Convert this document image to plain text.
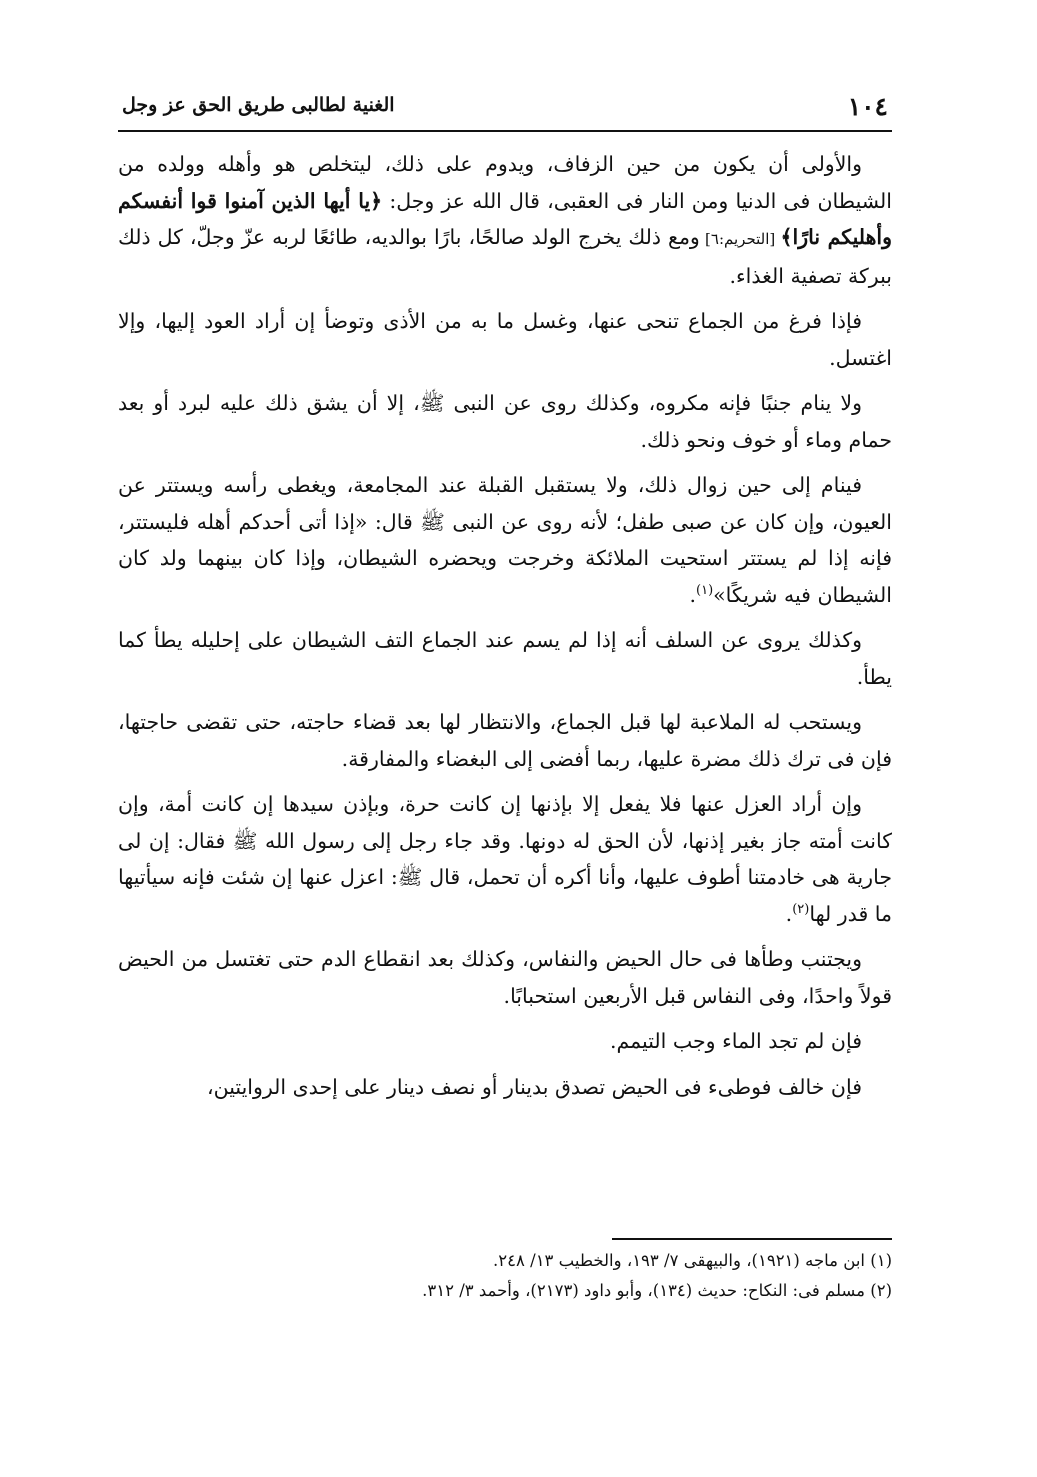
١٠٤
الغنية لطالبى طريق الحق عز وجل

والأولى أن يكون من حين الزفاف، ويدوم على ذلك، ليتخلص هو وأهله وولده من الشيطان فى الدنيا ومن النار فى العقبى، قال الله عز وجل: ﴿يا أيها الذين آمنوا قوا أنفسكم وأهليكم نارًا﴾ [التحريم:٦] ومع ذلك يخرج الولد صالحًا، بارًا بوالديه، طائعًا لربه عزّ وجلّ، كل ذلك ببركة تصفية الغذاء.

فإذا فرغ من الجماع تنحى عنها، وغسل ما به من الأذى وتوضأ إن أراد العود إليها، وإلا اغتسل.

ولا ينام جنبًا فإنه مكروه، وكذلك روى عن النبى ﷺ، إلا أن يشق ذلك عليه لبرد أو بعد حمام وماء أو خوف ونحو ذلك.

فينام إلى حين زوال ذلك، ولا يستقبل القبلة عند المجامعة، ويغطى رأسه ويستتر عن العيون، وإن كان عن صبى طفل؛ لأنه روى عن النبى ﷺ قال: «إذا أتى أحدكم أهله فليستتر، فإنه إذا لم يستتر استحيت الملائكة وخرجت ويحضره الشيطان، وإذا كان بينهما ولد كان الشيطان فيه شريكًا»$^{(١)}$.

وكذلك يروى عن السلف أنه إذا لم يسم عند الجماع التف الشيطان على إحليله يطأ كما يطأ.

ويستحب له الملاعبة لها قبل الجماع، والانتظار لها بعد قضاء حاجته، حتى تقضى حاجتها، فإن فى ترك ذلك مضرة عليها، ربما أفضى إلى البغضاء والمفارقة.

وإن أراد العزل عنها فلا يفعل إلا بإذنها إن كانت حرة، وبإذن سيدها إن كانت أمة، وإن كانت أمته جاز بغير إذنها، لأن الحق له دونها. وقد جاء رجل إلى رسول الله ﷺ فقال: إن لى جارية هى خادمتنا أطوف عليها، وأنا أكره أن تحمل، قال ﷺ: اعزل عنها إن شئت فإنه سيأتيها ما قدر لها$^{(٢)}$.

ويجتنب وطأها فى حال الحيض والنفاس، وكذلك بعد انقطاع الدم حتى تغتسل من الحيض قولاً واحدًا، وفى النفاس قبل الأربعين استحبابًا.

فإن لم تجد الماء وجب التيمم.

فإن خالف فوطىء فى الحيض تصدق بدينار أو نصف دينار على إحدى الروايتين،

(١) ابن ماجه (١٩٢١)، والبيهقى ٧/ ١٩٣، والخطيب ١٣/ ٢٤٨.

(٢) مسلم فى: النكاح: حديث (١٣٤)، وأبو داود (٢١٧٣)، وأحمد ٣/ ٣١٢.
